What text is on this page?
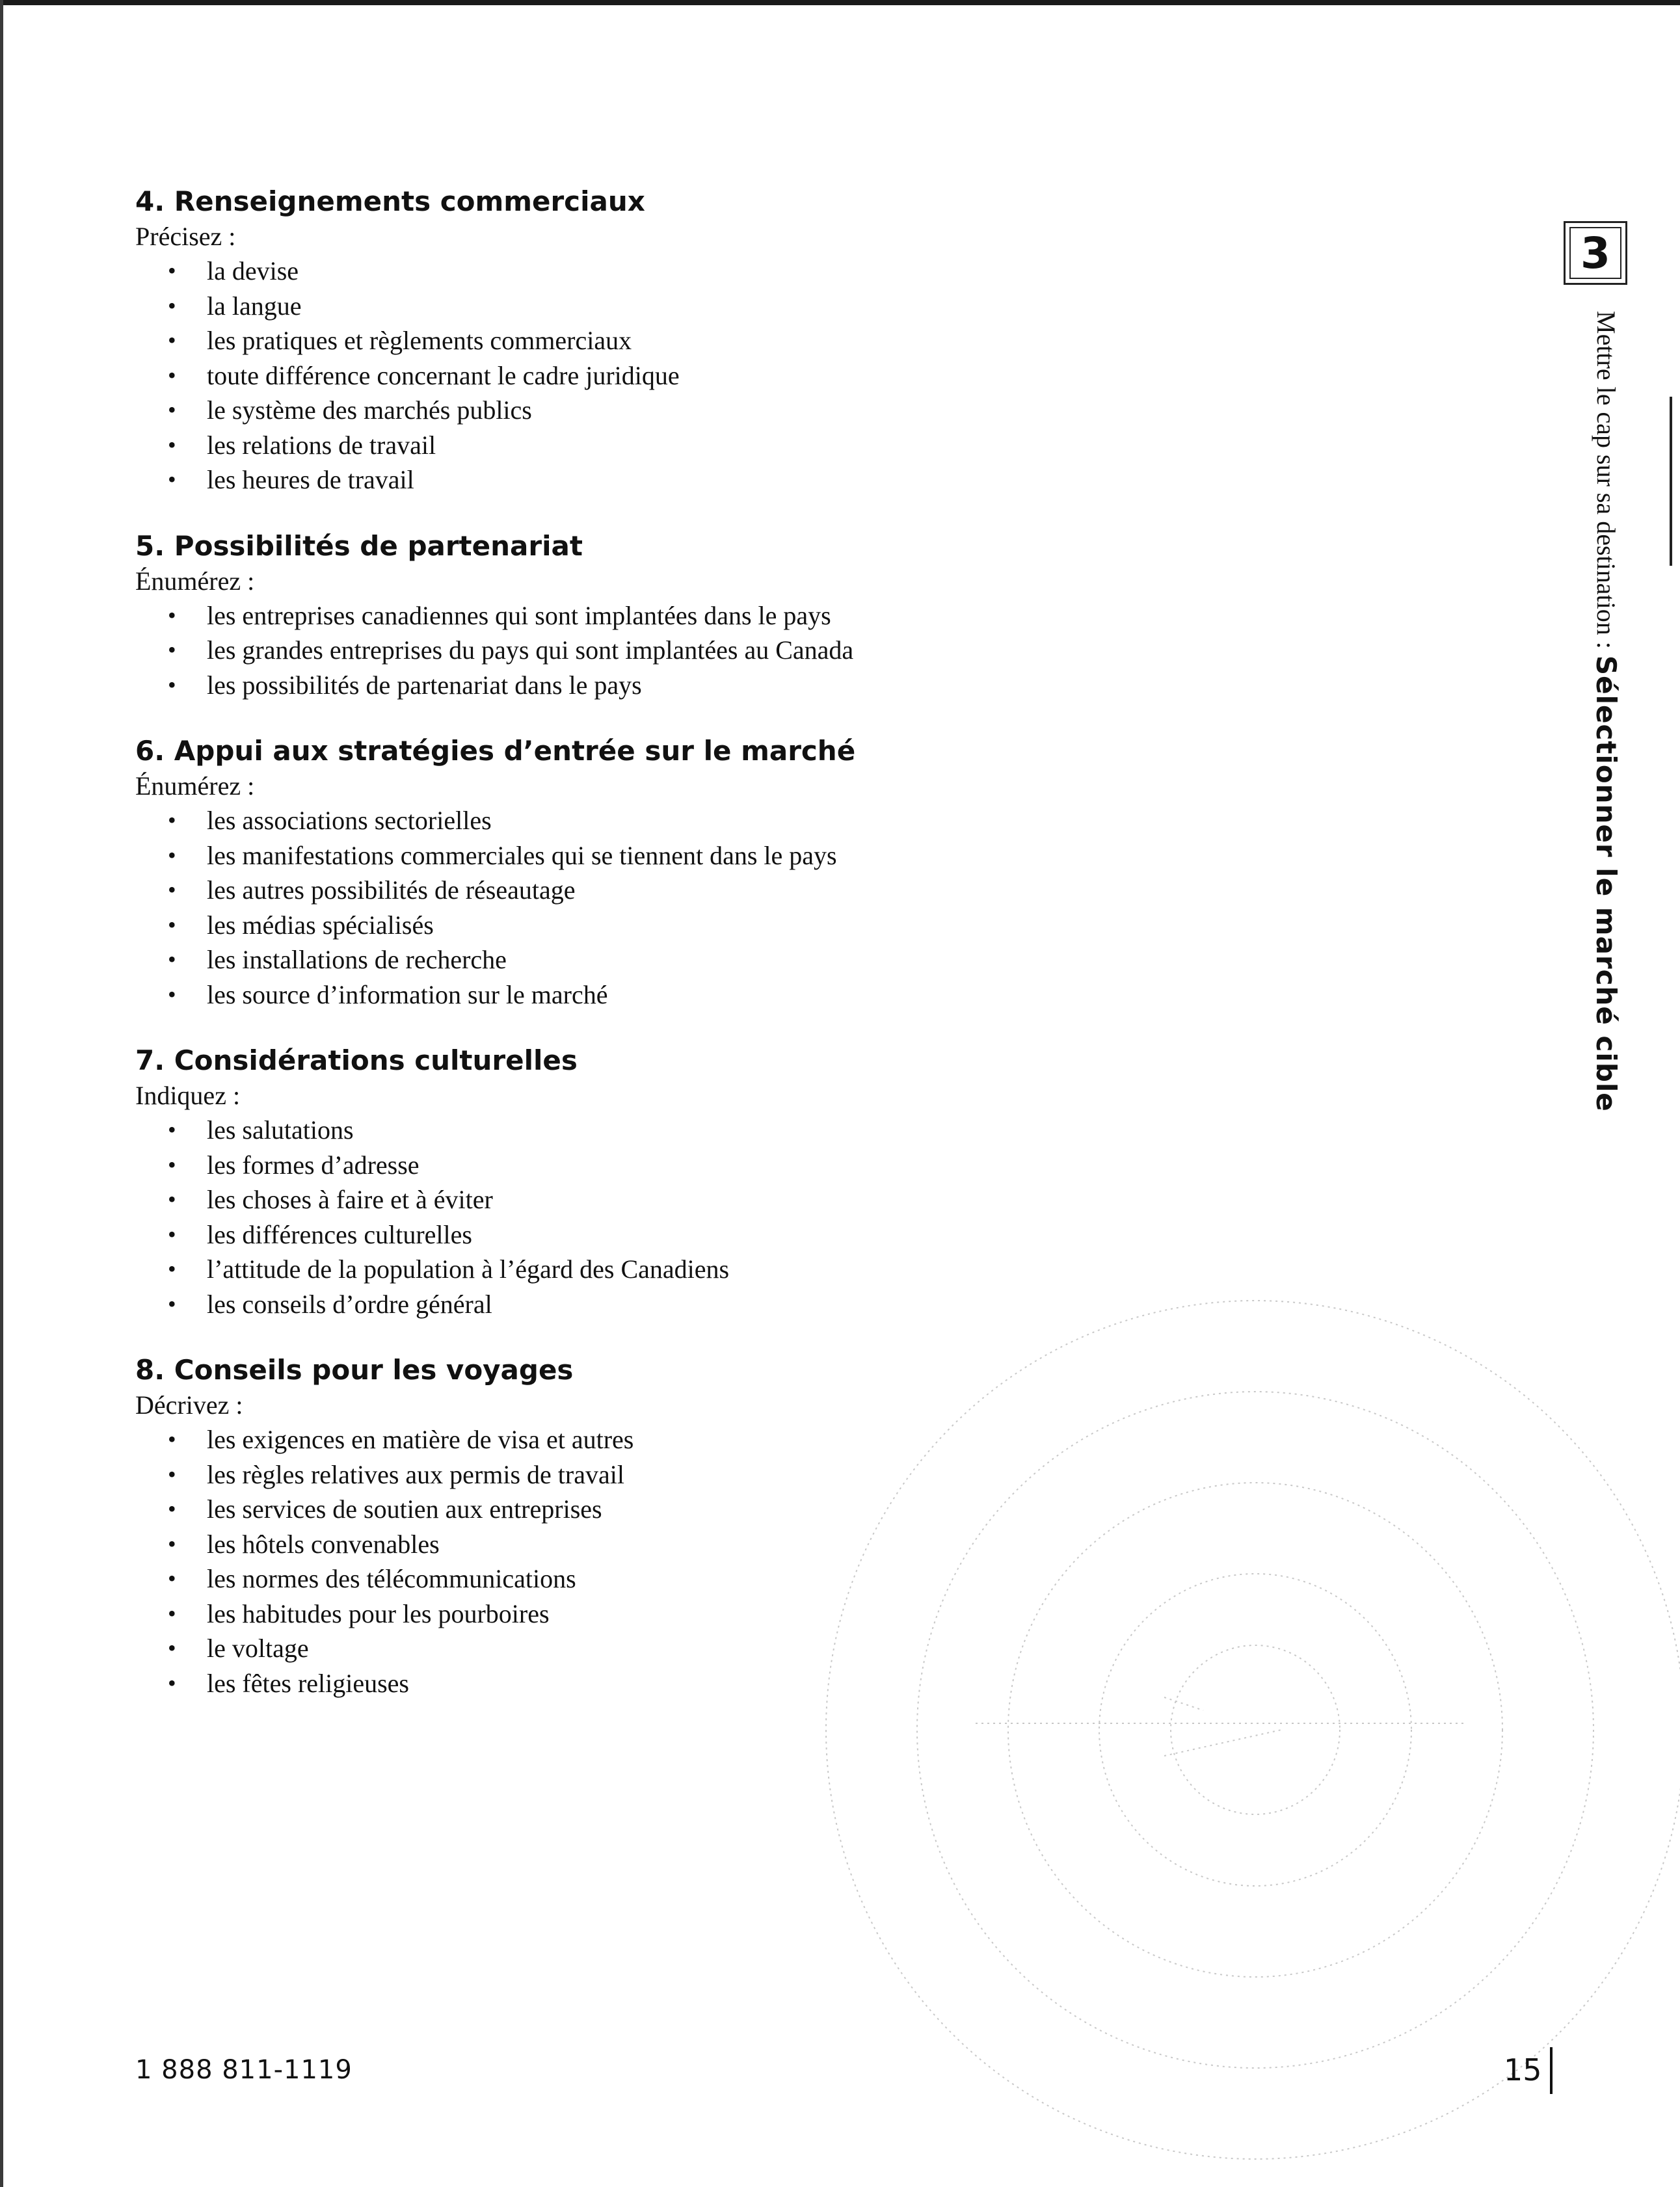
4. Renseignements commerciaux

Précisez :

• la devise
• la langue
• les pratiques et règlements commerciaux
• toute différence concernant le cadre juridique
• le système des marchés publics
• les relations de travail
• les heures de travail
5. Possibilités de partenariat

Énumérez :

• les entreprises canadiennes qui sont implantées dans le pays
• les grandes entreprises du pays qui sont implantées au Canada
• les possibilités de partenariat dans le pays
6. Appui aux stratégies d’entrée sur le marché

Énumérez :

• les associations sectorielles
• les manifestations commerciales qui se tiennent dans le pays
• les autres possibilités de réseautage
• les médias spécialisés
• les installations de recherche
• les source d’information sur le marché
7. Considérations culturelles

Indiquez :

• les salutations
• les formes d’adresse
• les choses à faire et à éviter
• les différences culturelles
• l’attitude de la population à l’égard des Canadiens
• les conseils d’ordre général
8. Conseils pour les voyages

Décrivez :

• les exigences en matière de visa et autres
• les règles relatives aux permis de travail
• les services de soutien aux entreprises
• les hôtels convenables
• les normes des télécommunications
• les habitudes pour les pourboires
• le voltage
• les fêtes religieuses
3
Mettre le cap sur sa destination : Sélectionner le marché cible
1 888 811-1119	15
